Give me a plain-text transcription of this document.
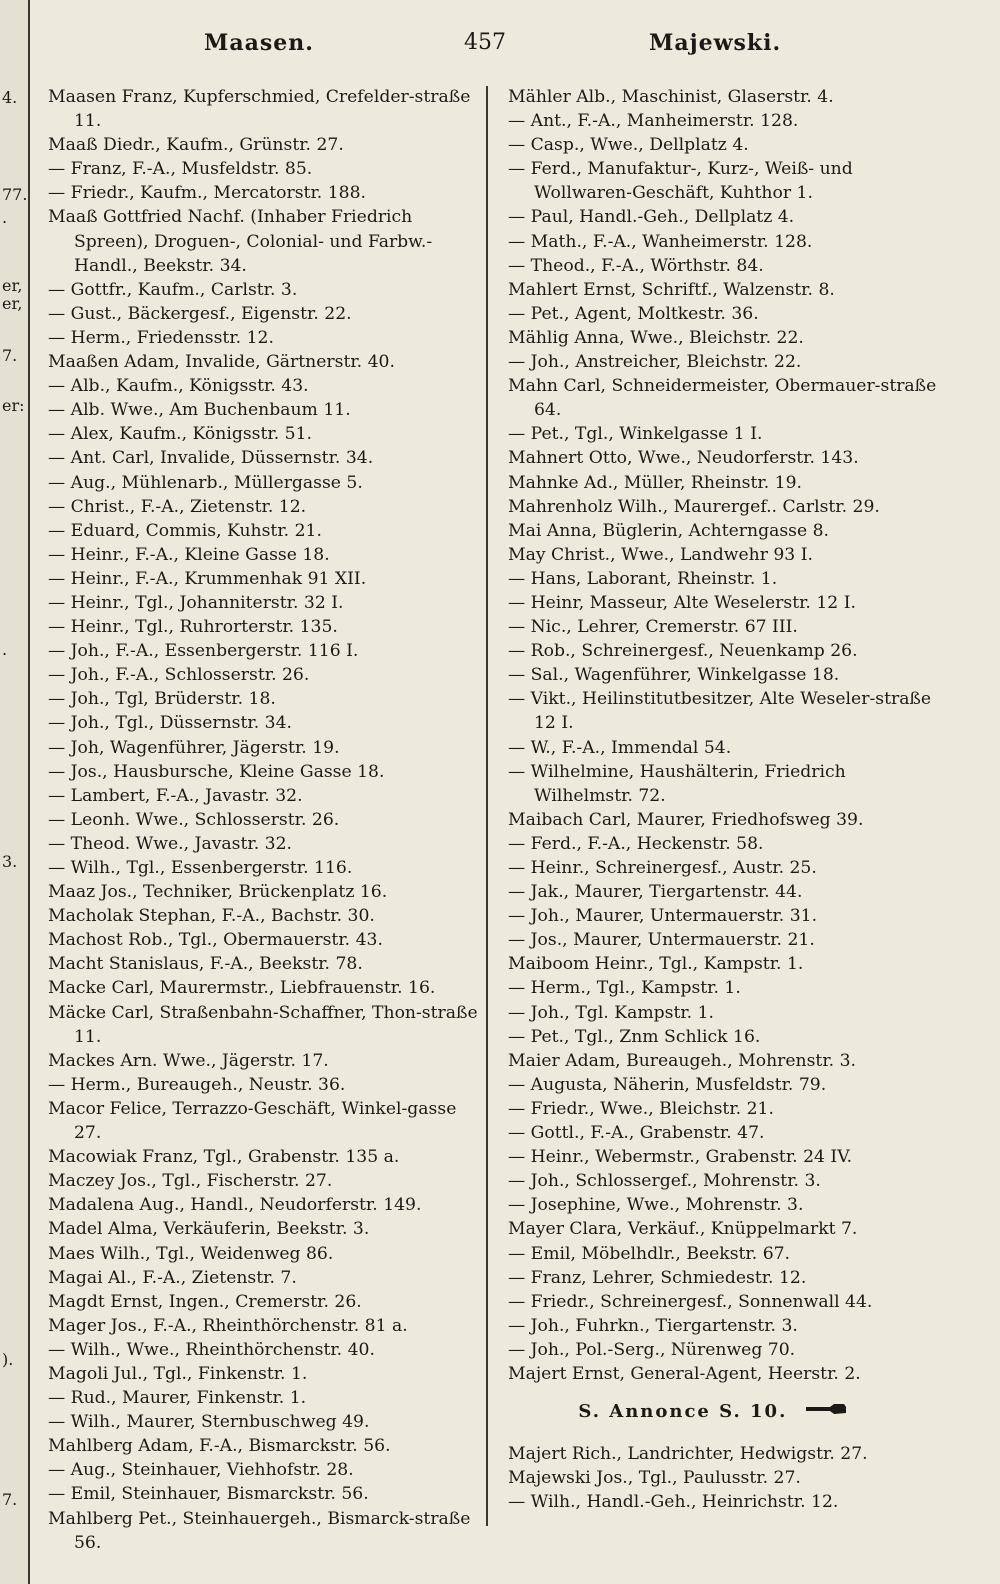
4.
77.
.
er,
er,
7.
er:
.
3.
).
7.
Maasen.	457	Majewski.

Maasen Franz, Kupferschmied, Crefelder-straße 11.

Maaß Diedr., Kaufm., Grünstr. 27.

— Franz, F.-A., Musfeldstr. 85.

— Friedr., Kaufm., Mercatorstr. 188.

Maaß Gottfried Nachf. (Inhaber Friedrich Spreen), Droguen-, Colonial- und Farbw.-Handl., Beekstr. 34.

— Gottfr., Kaufm., Carlstr. 3.

— Gust., Bäckergesf., Eigenstr. 22.

— Herm., Friedensstr. 12.

Maaßen Adam, Invalide, Gärtnerstr. 40.

— Alb., Kaufm., Königsstr. 43.

— Alb. Wwe., Am Buchenbaum 11.

— Alex, Kaufm., Königsstr. 51.

— Ant. Carl, Invalide, Düssernstr. 34.

— Aug., Mühlenarb., Müllergasse 5.

— Christ., F.-A., Zietenstr. 12.

— Eduard, Commis, Kuhstr. 21.

— Heinr., F.-A., Kleine Gasse 18.

— Heinr., F.-A., Krummenhak 91 XII.

— Heinr., Tgl., Johanniterstr. 32 I.

— Heinr., Tgl., Ruhrorterstr. 135.

— Joh., F.-A., Essenbergerstr. 116 I.

— Joh., F.-A., Schlosserstr. 26.

— Joh., Tgl, Brüderstr. 18.

— Joh., Tgl., Düssernstr. 34.

— Joh, Wagenführer, Jägerstr. 19.

— Jos., Hausbursche, Kleine Gasse 18.

— Lambert, F.-A., Javastr. 32.

— Leonh. Wwe., Schlosserstr. 26.

— Theod. Wwe., Javastr. 32.

— Wilh., Tgl., Essenbergerstr. 116.

Maaz Jos., Techniker, Brückenplatz 16.

Macholak Stephan, F.-A., Bachstr. 30.

Machost Rob., Tgl., Obermauerstr. 43.

Macht Stanislaus, F.-A., Beekstr. 78.

Macke Carl, Maurermstr., Liebfrauenstr. 16.

Mäcke Carl, Straßenbahn-Schaffner, Thon-straße 11.

Mackes Arn. Wwe., Jägerstr. 17.

— Herm., Bureaugeh., Neustr. 36.

Macor Felice, Terrazzo-Geschäft, Winkel-gasse 27.

Macowiak Franz, Tgl., Grabenstr. 135 a.

Maczey Jos., Tgl., Fischerstr. 27.

Madalena Aug., Handl., Neudorferstr. 149.

Madel Alma, Verkäuferin, Beekstr. 3.

Maes Wilh., Tgl., Weidenweg 86.

Magai Al., F.-A., Zietenstr. 7.

Magdt Ernst, Ingen., Cremerstr. 26.

Mager Jos., F.-A., Rheinthörchenstr. 81 a.

— Wilh., Wwe., Rheinthörchenstr. 40.

Magoli Jul., Tgl., Finkenstr. 1.

— Rud., Maurer, Finkenstr. 1.

— Wilh., Maurer, Sternbuschweg 49.

Mahlberg Adam, F.-A., Bismarckstr. 56.

— Aug., Steinhauer, Viehhofstr. 28.

— Emil, Steinhauer, Bismarckstr. 56.

Mahlberg Pet., Steinhauergeh., Bismarck-straße 56.

Mähler Alb., Maschinist, Glaserstr. 4.

— Ant., F.-A., Manheimerstr. 128.

— Casp., Wwe., Dellplatz 4.

— Ferd., Manufaktur-, Kurz-, Weiß- und Wollwaren-Geschäft, Kuhthor 1.

— Paul, Handl.-Geh., Dellplatz 4.

— Math., F.-A., Wanheimerstr. 128.

— Theod., F.-A., Wörthstr. 84.

Mahlert Ernst, Schriftf., Walzenstr. 8.

— Pet., Agent, Moltkestr. 36.

Mählig Anna, Wwe., Bleichstr. 22.

— Joh., Anstreicher, Bleichstr. 22.

Mahn Carl, Schneidermeister, Obermauer-straße 64.

— Pet., Tgl., Winkelgasse 1 I.

Mahnert Otto, Wwe., Neudorferstr. 143.

Mahnke Ad., Müller, Rheinstr. 19.

Mahrenholz Wilh., Maurergef.. Carlstr. 29.

Mai Anna, Büglerin, Achterngasse 8.

May Christ., Wwe., Landwehr 93 I.

— Hans, Laborant, Rheinstr. 1.

— Heinr, Masseur, Alte Weselerstr. 12 I.

— Nic., Lehrer, Cremerstr. 67 III.

— Rob., Schreinergesf., Neuenkamp 26.

— Sal., Wagenführer, Winkelgasse 18.

— Vikt., Heilinstitutbesitzer, Alte Weseler-straße 12 I.

— W., F.-A., Immendal 54.

— Wilhelmine, Haushälterin, Friedrich Wilhelmstr. 72.

Maibach Carl, Maurer, Friedhofsweg 39.

— Ferd., F.-A., Heckenstr. 58.

— Heinr., Schreinergesf., Austr. 25.

— Jak., Maurer, Tiergartenstr. 44.

— Joh., Maurer, Untermauerstr. 31.

— Jos., Maurer, Untermauerstr. 21.

Maiboom Heinr., Tgl., Kampstr. 1.

— Herm., Tgl., Kampstr. 1.

— Joh., Tgl. Kampstr. 1.

— Pet., Tgl., Znm Schlick 16.

Maier Adam, Bureaugeh., Mohrenstr. 3.

— Augusta, Näherin, Musfeldstr. 79.

— Friedr., Wwe., Bleichstr. 21.

— Gottl., F.-A., Grabenstr. 47.

— Heinr., Webermstr., Grabenstr. 24 IV.

— Joh., Schlossergef., Mohrenstr. 3.

— Josephine, Wwe., Mohrenstr. 3.

Mayer Clara, Verkäuf., Knüppelmarkt 7.

— Emil, Möbelhdlr., Beekstr. 67.

— Franz, Lehrer, Schmiedestr. 12.

— Friedr., Schreinergesf., Sonnenwall 44.

— Joh., Fuhrkn., Tiergartenstr. 3.

— Joh., Pol.-Serg., Nürenweg 70.

Majert Ernst, General-Agent, Heerstr. 2.

S. Annonce S. 10.

Majert Rich., Landrichter, Hedwigstr. 27.

Majewski Jos., Tgl., Paulusstr. 27.

— Wilh., Handl.-Geh., Heinrichstr. 12.
